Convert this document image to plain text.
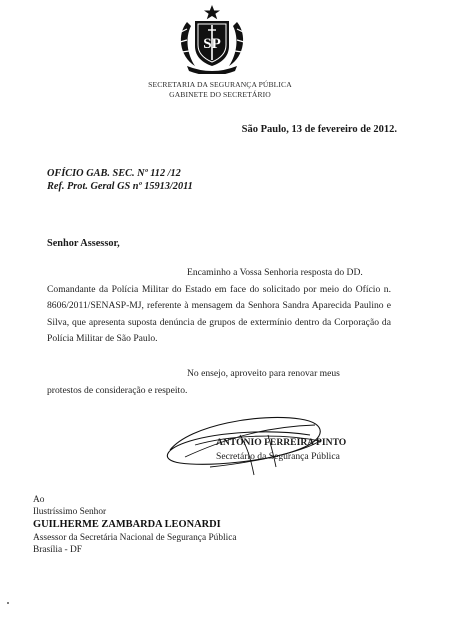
SP
SECRETARIA DA SEGURANÇA PÚBLICA
GABINETE DO SECRETÁRIO
São Paulo, 13 de fevereiro de 2012.
OFÍCIO GAB. SEC. Nº 112 /12
Ref. Prot. Geral GS nº 15913/2011
Senhor Assessor,
Encaminho a Vossa Senhoria resposta do DD.
Comandante da Polícia Militar do Estado em face do solicitado por meio do Ofício n. 8606/2011/SENASP-MJ, referente à mensagem da Senhora Sandra Aparecida Paulino e Silva, que apresenta suposta denúncia de grupos de extermínio dentro da Corporação da Polícia Militar de São Paulo.
No ensejo, aproveito para renovar meus
protestos de consideração e respeito.
ANTONIO FERREIRA PINTO
Secretário da Segurança Pública
Ao
Ilustríssimo Senhor
GUILHERME ZAMBARDA LEONARDI
Assessor da Secretária Nacional de Segurança Pública
Brasília - DF
